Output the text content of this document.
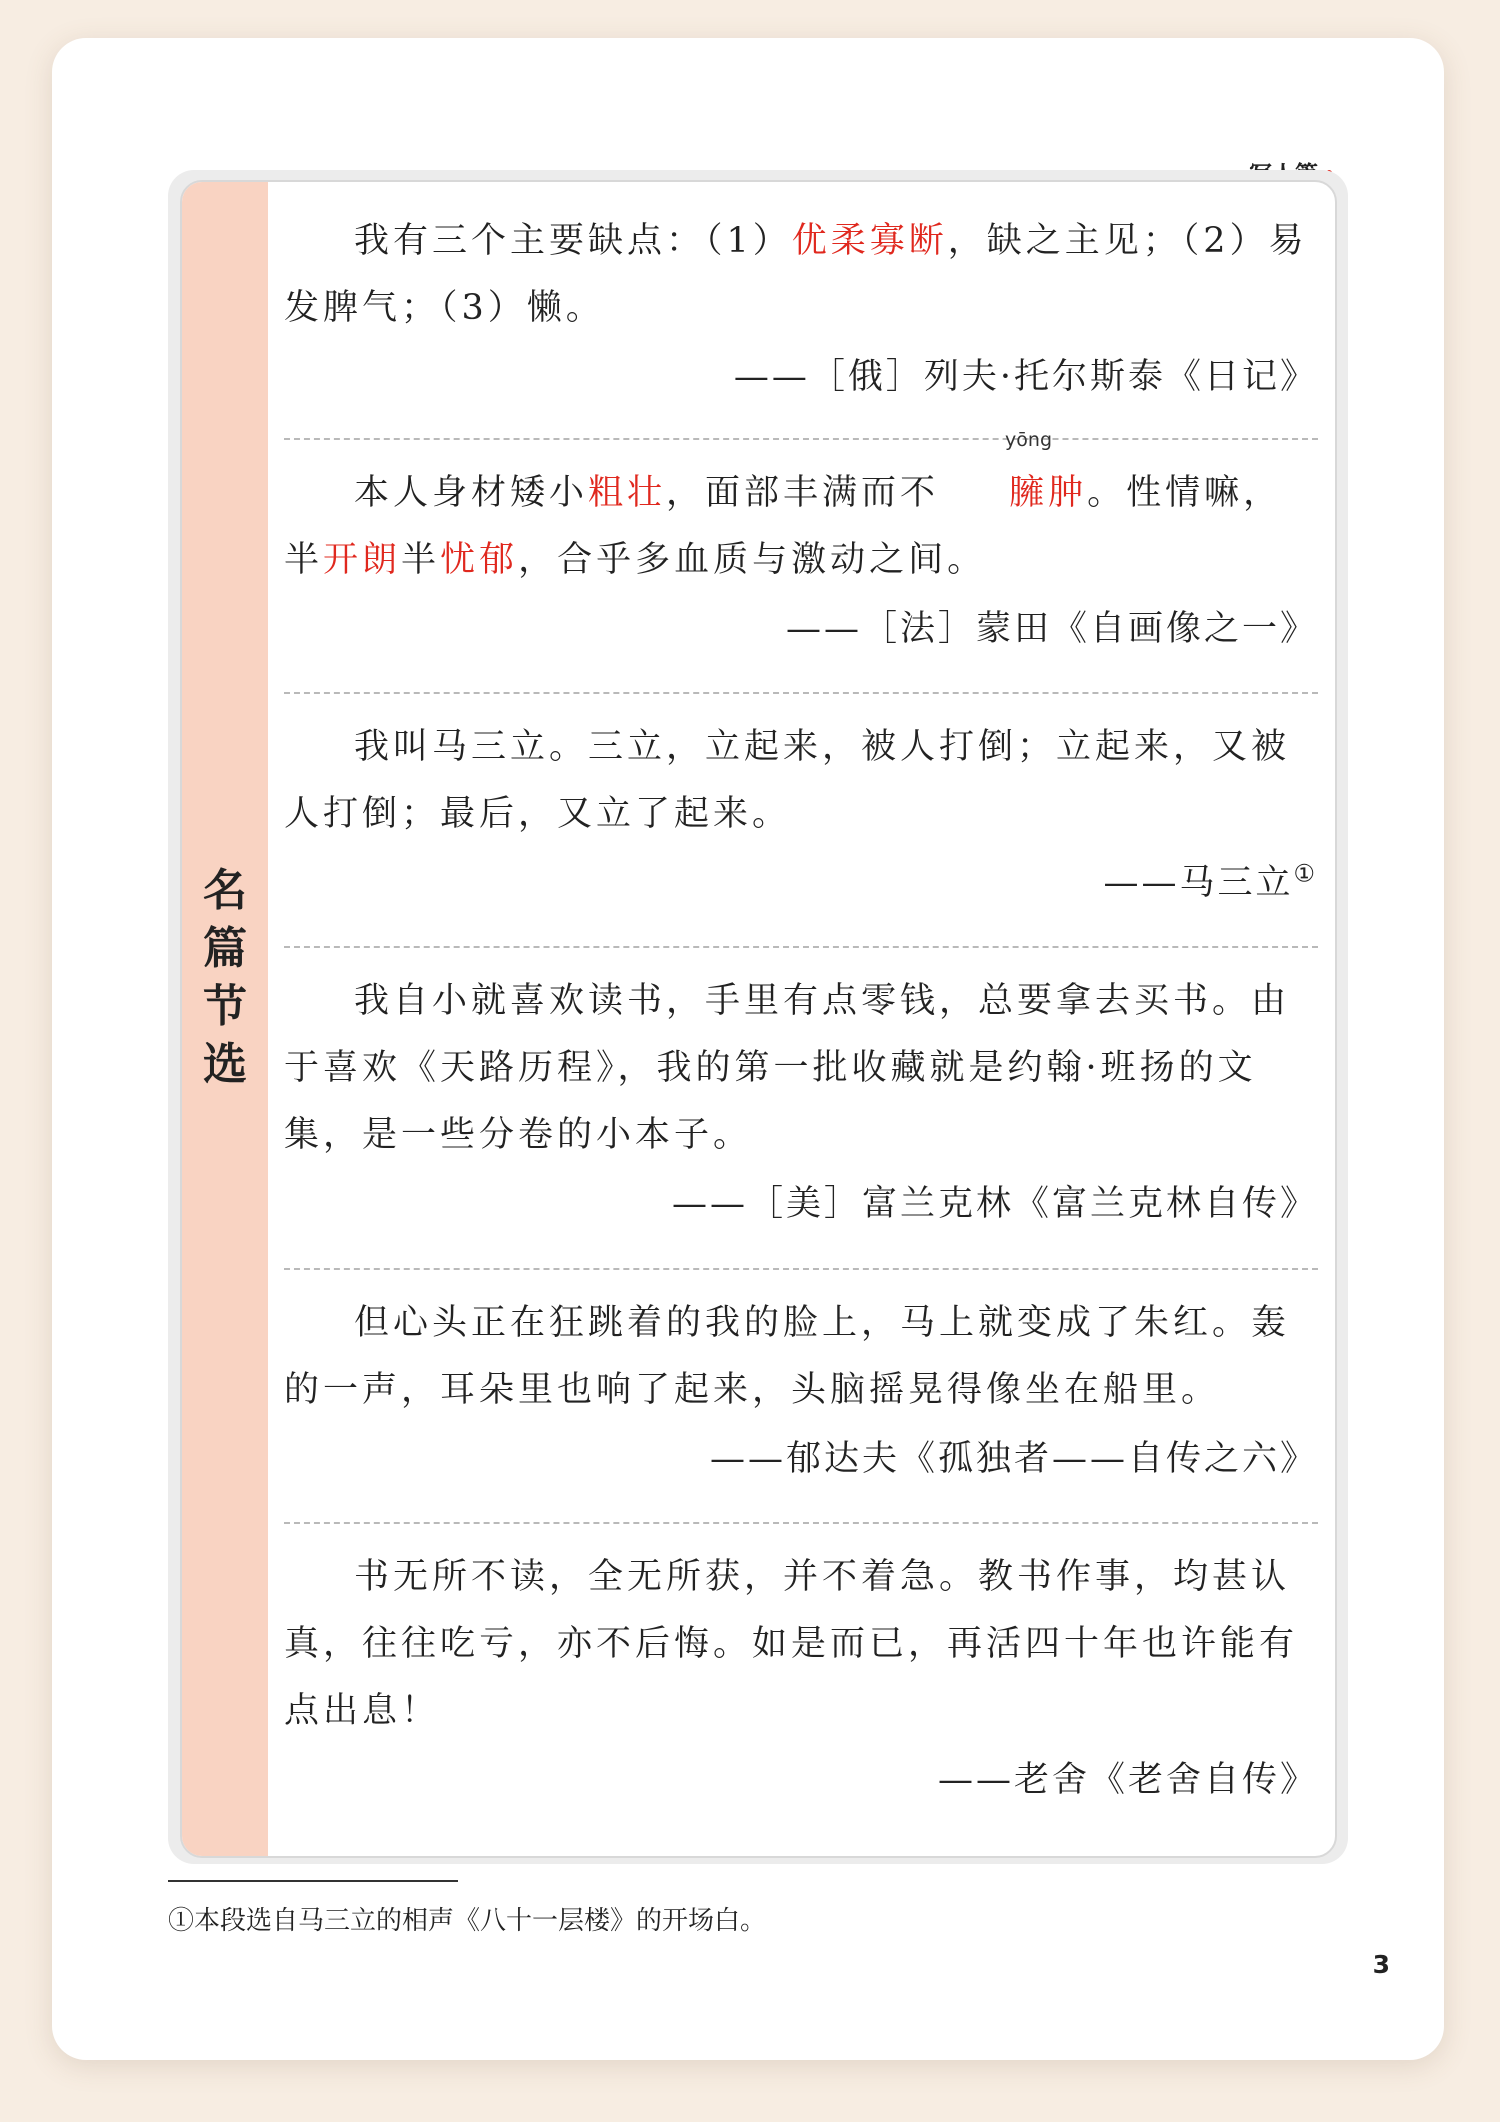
名
篇
节
选

我有三个主要缺点：（1）优柔寡断，缺之主见；（2）易发脾气；（3）懒。

——［俄］列夫·托尔斯泰《日记》

本人身材矮小粗壮，面部丰满而不
yōng
臃肿。性情嘛，半开朗半忧郁，合乎多血质与激动之间。

——［法］蒙田《自画像之一》

我叫马三立。三立，立起来，被人打倒；立起来，又被人打倒；最后，又立了起来。

——马三立①

我自小就喜欢读书，手里有点零钱，总要拿去买书。由于喜欢《天路历程》，我的第一批收藏就是约翰·班扬的文集，是一些分卷的小本子。

——［美］富兰克林《富兰克林自传》

但心头正在狂跳着的我的脸上，马上就变成了朱红。轰的一声，耳朵里也响了起来，头脑摇晃得像坐在船里。

——郁达夫《孤独者——自传之六》

书无所不读，全无所获，并不着急。教书作事，均甚认真，往往吃亏，亦不后悔。如是而已，再活四十年也许能有点出息！

——老舍《老舍自传》

①本段选自马三立的相声《八十一层楼》的开场白。
3
